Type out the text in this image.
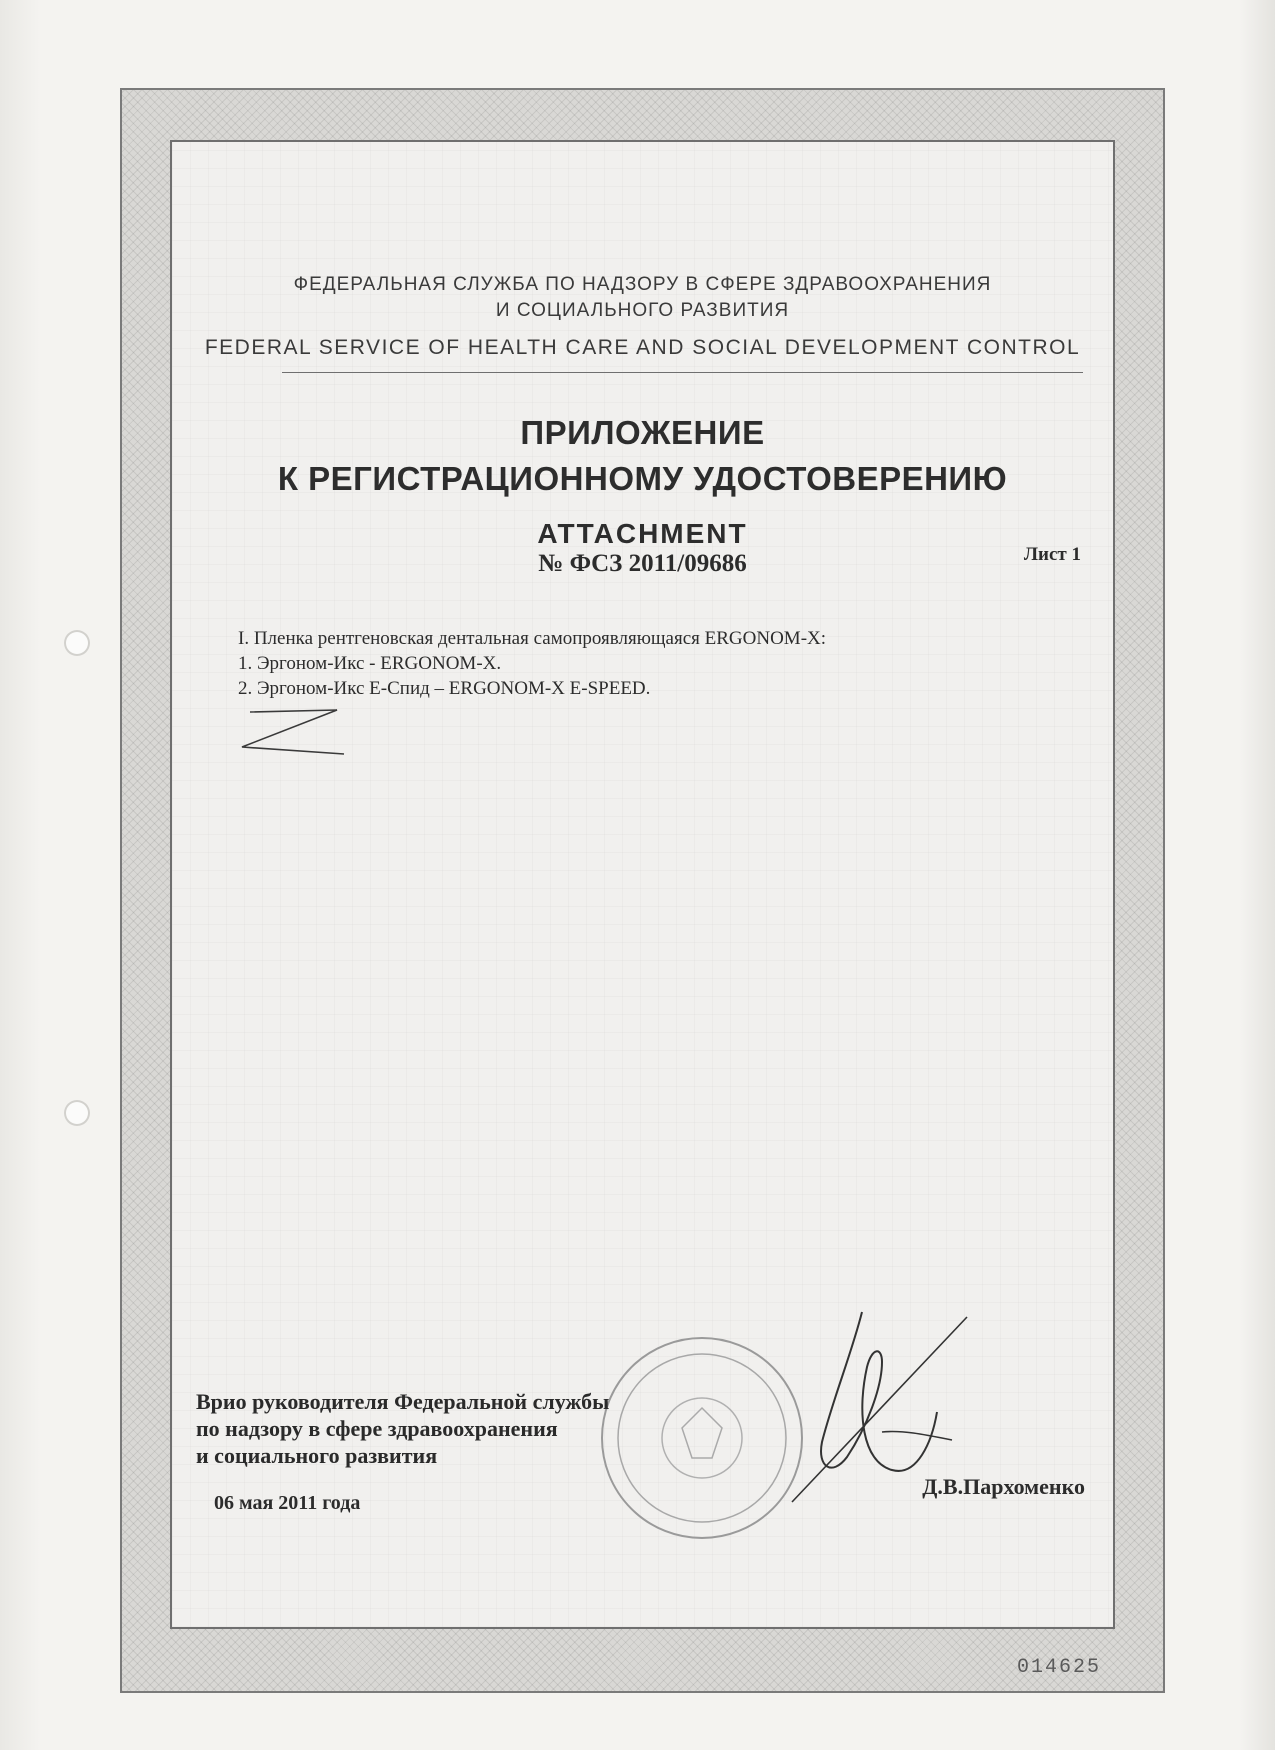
ФЕДЕРАЛЬНАЯ СЛУЖБА ПО НАДЗОРУ В СФЕРЕ ЗДРАВООХРАНЕНИЯ
И СОЦИАЛЬНОГО РАЗВИТИЯ
FEDERAL SERVICE OF HEALTH CARE AND SOCIAL DEVELOPMENT CONTROL
ПРИЛОЖЕНИЕ
К РЕГИСТРАЦИОННОМУ УДОСТОВЕРЕНИЮ
ATTACHMENT
№ ФСЗ 2011/09686	Лист 1
I. Пленка рентгеновская дентальная самопроявляющаяся ERGONOM-X:
1. Эргоном-Икс - ERGONOM-X.
2. Эргоном-Икс Е-Спид – ERGONOM-X E-SPEED.
Врио руководителя Федеральной службы
по надзору в сфере здравоохранения
и социального развития
06 мая 2011 года
Д.В.Пархоменко
014625
